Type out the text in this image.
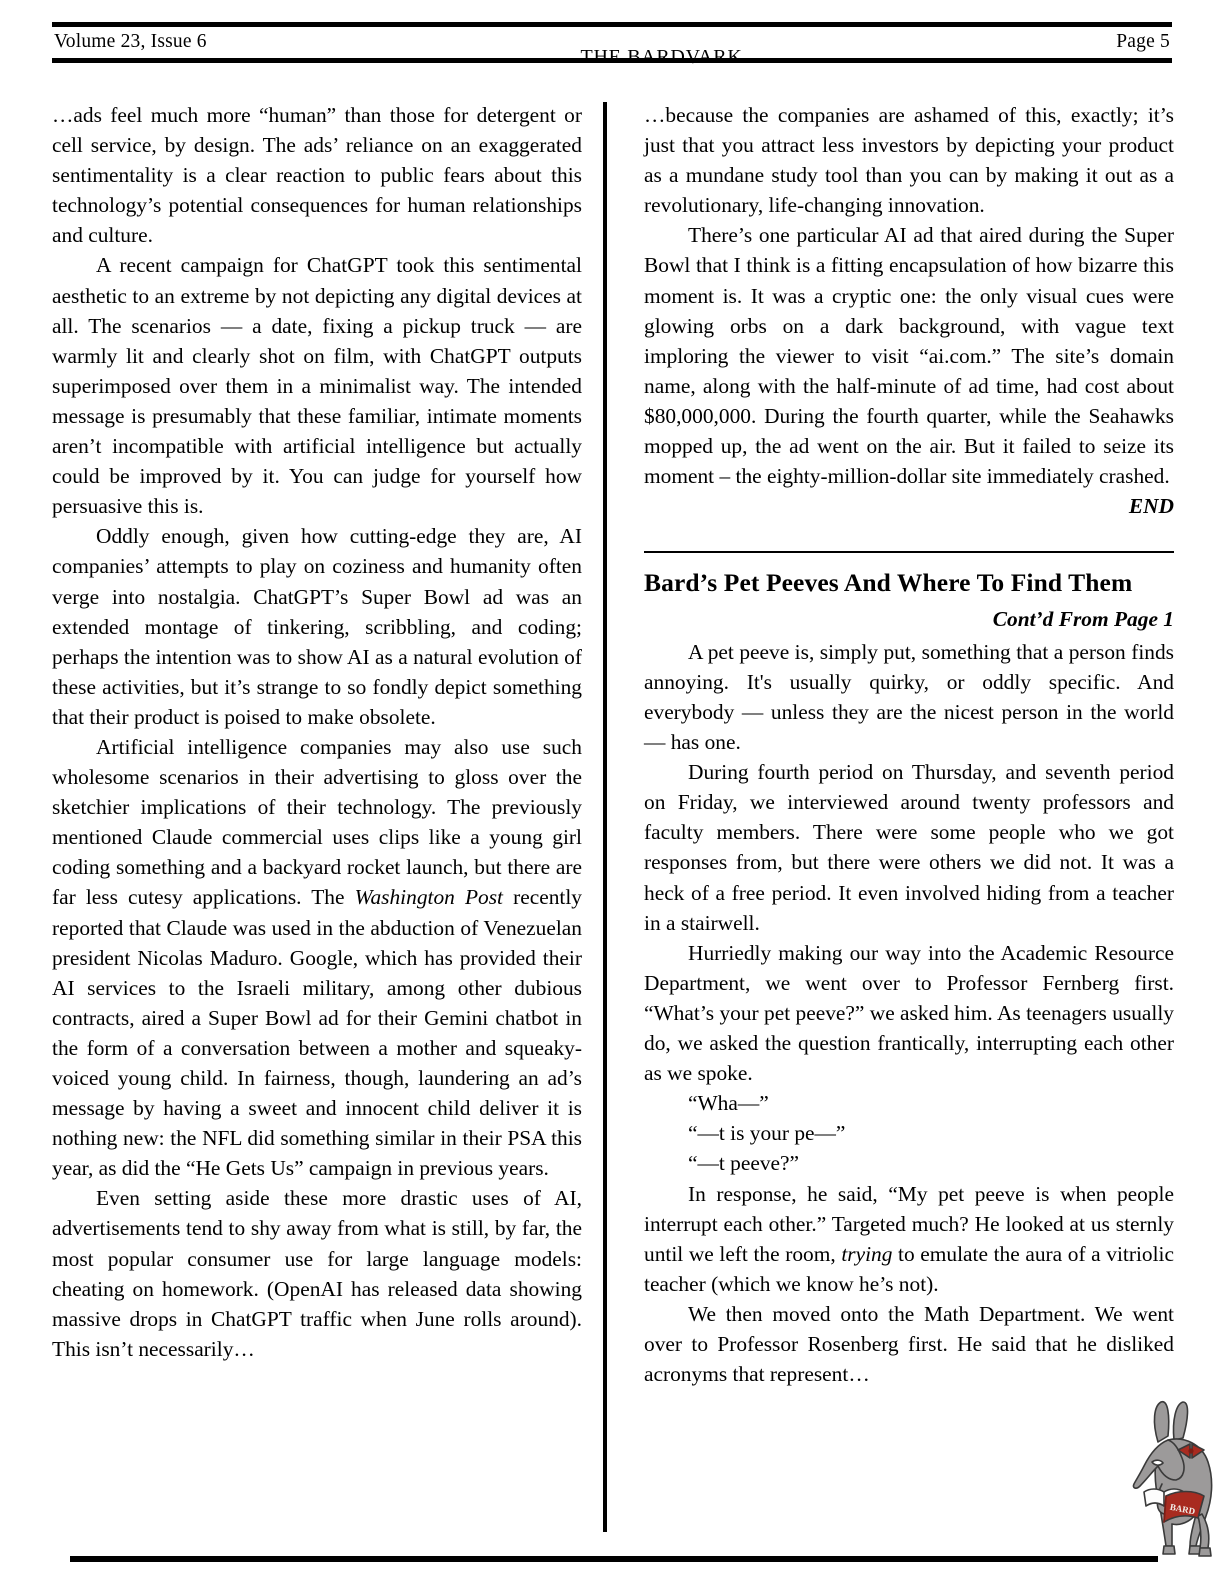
Volume 23, Issue 6
THE BARDVARK
Page 5

…ads feel much more “human” than those for detergent or cell service, by design. The ads’ reliance on an exaggerated sentimentality is a clear reaction to public fears about this technology’s potential consequences for human relationships and culture.

A recent campaign for ChatGPT took this sentimental aesthetic to an extreme by not depicting any digital devices at all. The scenarios — a date, fixing a pickup truck — are warmly lit and clearly shot on film, with ChatGPT outputs superimposed over them in a minimalist way. The intended message is presumably that these familiar, intimate moments aren’t incompatible with artificial intelligence but actually could be improved by it. You can judge for yourself how persuasive this is.

Oddly enough, given how cutting-edge they are, AI companies’ attempts to play on coziness and humanity often verge into nostalgia. ChatGPT’s Super Bowl ad was an extended montage of tinkering, scribbling, and coding; perhaps the intention was to show AI as a natural evolution of these activities, but it’s strange to so fondly depict something that their product is poised to make obsolete.

Artificial intelligence companies may also use such wholesome scenarios in their advertising to gloss over the sketchier implications of their technology. The previously mentioned Claude commercial uses clips like a young girl coding something and a backyard rocket launch, but there are far less cutesy applications. The Washington Post recently reported that Claude was used in the abduction of Venezuelan president Nicolas Maduro. Google, which has provided their AI services to the Israeli military, among other dubious contracts, aired a Super Bowl ad for their Gemini chatbot in the form of a conversation between a mother and squeaky-voiced young child. In fairness, though, laundering an ad’s message by having a sweet and innocent child deliver it is nothing new: the NFL did something similar in their PSA this year, as did the “He Gets Us” campaign in previous years.

Even setting aside these more drastic uses of AI, advertisements tend to shy away from what is still, by far, the most popular consumer use for large language models: cheating on homework. (OpenAI has released data showing massive drops in ChatGPT traffic when June rolls around). This isn’t necessarily…

…because the companies are ashamed of this, exactly; it’s just that you attract less investors by depicting your product as a mundane study tool than you can by making it out as a revolutionary, life-changing innovation.

There’s one particular AI ad that aired during the Super Bowl that I think is a fitting encapsulation of how bizarre this moment is. It was a cryptic one: the only visual cues were glowing orbs on a dark background, with vague text imploring the viewer to visit “ai.com.” The site’s domain name, along with the half-minute of ad time, had cost about $80,000,000. During the fourth quarter, while the Seahawks mopped up, the ad went on the air. But it failed to seize its moment – the eighty-million-dollar site immediately crashed.

END

Bard’s Pet Peeves And Where To Find Them

Cont’d From Page 1

A pet peeve is, simply put, something that a person finds annoying. It's usually quirky, or oddly specific. And everybody — unless they are the nicest person in the world — has one.

During fourth period on Thursday, and seventh period on Friday, we interviewed around twenty professors and faculty members. There were some people who we got responses from, but there were others we did not. It was a heck of a free period. It even involved hiding from a teacher in a stairwell.

Hurriedly making our way into the Academic Resource Department, we went over to Professor Fernberg first. “What’s your pet peeve?” we asked him. As teenagers usually do, we asked the question frantically, interrupting each other as we spoke.

“Wha—”

“—t is your pe—”

“—t peeve?”

In response, he said, “My pet peeve is when people interrupt each other.” Targeted much? He looked at us sternly until we left the room, trying to emulate the aura of a vitriolic teacher (which we know he’s not).

We then moved onto the Math Department. We went over to Professor Rosenberg first. He said that he disliked acronyms that represent…

BARD
